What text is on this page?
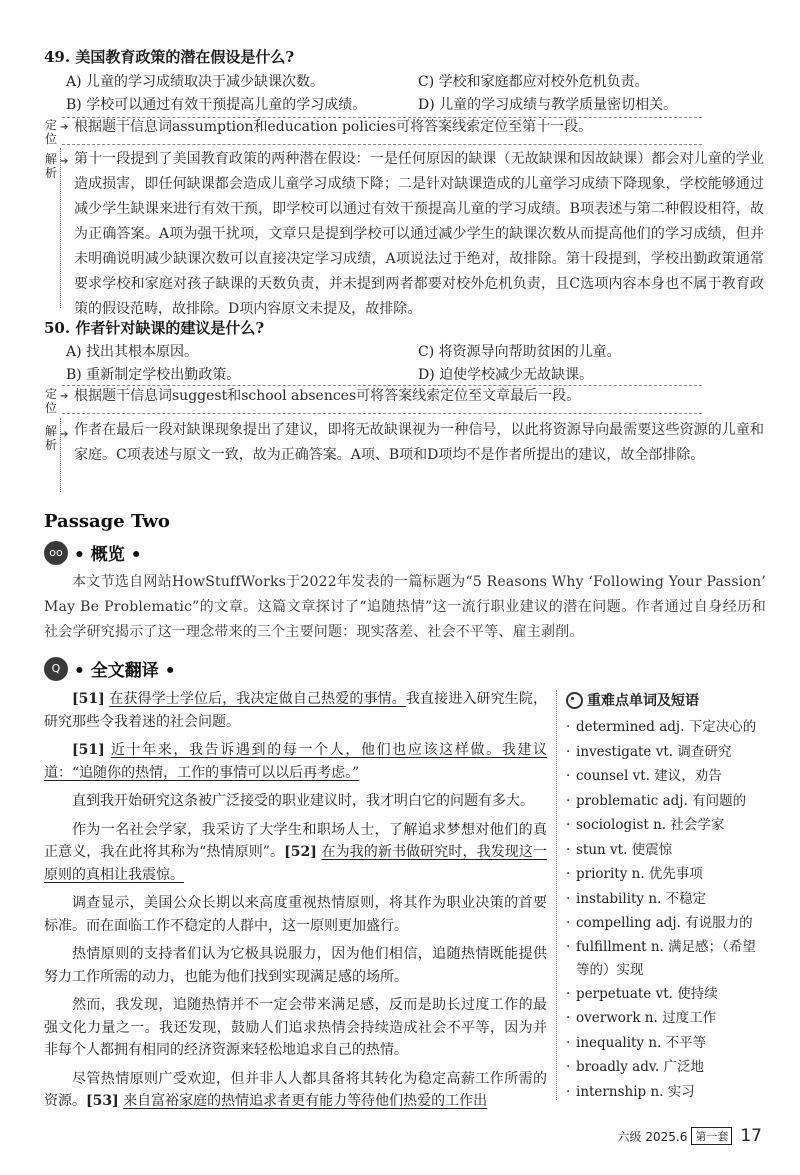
49. 美国教育政策的潜在假设是什么?
A) 儿童的学习成绩取决于减少缺课次数。
B) 学校可以通过有效干预提高儿童的学习成绩。
C) 学校和家庭都应对校外危机负责。
D) 儿童的学习成绩与教学质量密切相关。
定
位
➔ 根据题干信息词assumption和education policies可将答案线索定位至第十一段。
解
析
➔ 第十一段提到了美国教育政策的两种潜在假设：一是任何原因的缺课（无故缺课和因故缺课）都会对儿童的学业造成损害，即任何缺课都会造成儿童学习成绩下降；二是针对缺课造成的儿童学习成绩下降现象，学校能够通过减少学生缺课来进行有效干预，即学校可以通过有效干预提高儿童的学习成绩。B项表述与第二种假设相符，故为正确答案。A项为强干扰项，文章只是提到学校可以通过减少学生的缺课次数从而提高他们的学习成绩，但并未明确说明减少缺课次数可以直接决定学习成绩，A项说法过于绝对，故排除。第十段提到，学校出勤政策通常要求学校和家庭对孩子缺课的天数负责，并未提到两者都要对校外危机负责，且C选项内容本身也不属于教育政策的假设范畴，故排除。D项内容原文未提及，故排除。
50. 作者针对缺课的建议是什么?
A) 找出其根本原因。
B) 重新制定学校出勤政策。
C) 将资源导向帮助贫困的儿童。
D) 迫使学校减少无故缺课。
定
位
➔ 根据题干信息词suggest和school absences可将答案线索定位至文章最后一段。
解
析
➔ 作者在最后一段对缺课现象提出了建议，即将无故缺课视为一种信号，以此将资源导向最需要这些资源的儿童和家庭。C项表述与原文一致，故为正确答案。A项、B项和D项均不是作者所提出的建议，故全部排除。
Passage Two
oo • 概览 •
本文节选自网站HowStuffWorks于2022年发表的一篇标题为“5 Reasons Why ‘Following Your Passion’ May Be Problematic”的文章。这篇文章探讨了“追随热情”这一流行职业建议的潜在问题。作者通过自身经历和社会学研究揭示了这一理念带来的三个主要问题：现实落差、社会不平等、雇主剥削。
Q • 全文翻译 •

[51] 在获得学士学位后，我决定做自己热爱的事情。我直接进入研究生院，研究那些令我着迷的社会问题。

[51] 近十年来，我告诉遇到的每一个人，他们也应该这样做。我建议道：“追随你的热情，工作的事情可以以后再考虑。”

直到我开始研究这条被广泛接受的职业建议时，我才明白它的问题有多大。

作为一名社会学家，我采访了大学生和职场人士，了解追求梦想对他们的真正意义，我在此将其称为“热情原则”。[52] 在为我的新书做研究时，我发现这一原则的真相让我震惊。

调查显示，美国公众长期以来高度重视热情原则，将其作为职业决策的首要标准。而在面临工作不稳定的人群中，这一原则更加盛行。

热情原则的支持者们认为它极具说服力，因为他们相信，追随热情既能提供努力工作所需的动力，也能为他们找到实现满足感的场所。

然而，我发现，追随热情并不一定会带来满足感，反而是助长过度工作的最强文化力量之一。我还发现，鼓励人们追求热情会持续造成社会不平等，因为并非每个人都拥有相同的经济资源来轻松地追求自己的热情。

尽管热情原则广受欢迎，但并非人人都具备将其转化为稳定高薪工作所需的资源。[53] 来自富裕家庭的热情追求者更有能力等待他们热爱的工作出

重难点单词及短语
· determined adj. 下定决心的
· investigate vt. 调查研究
· counsel vt. 建议，劝告
· problematic adj. 有问题的
· sociologist n. 社会学家
· stun vt. 使震惊
· priority n. 优先事项
· instability n. 不稳定
· compelling adj. 有说服力的
· fulfillment n. 满足感；（希望等的）实现
· perpetuate vt. 使持续
· overwork n. 过度工作
· inequality n. 不平等
· broadly adv. 广泛地
· internship n. 实习
六级 2025.6 第一套 17
